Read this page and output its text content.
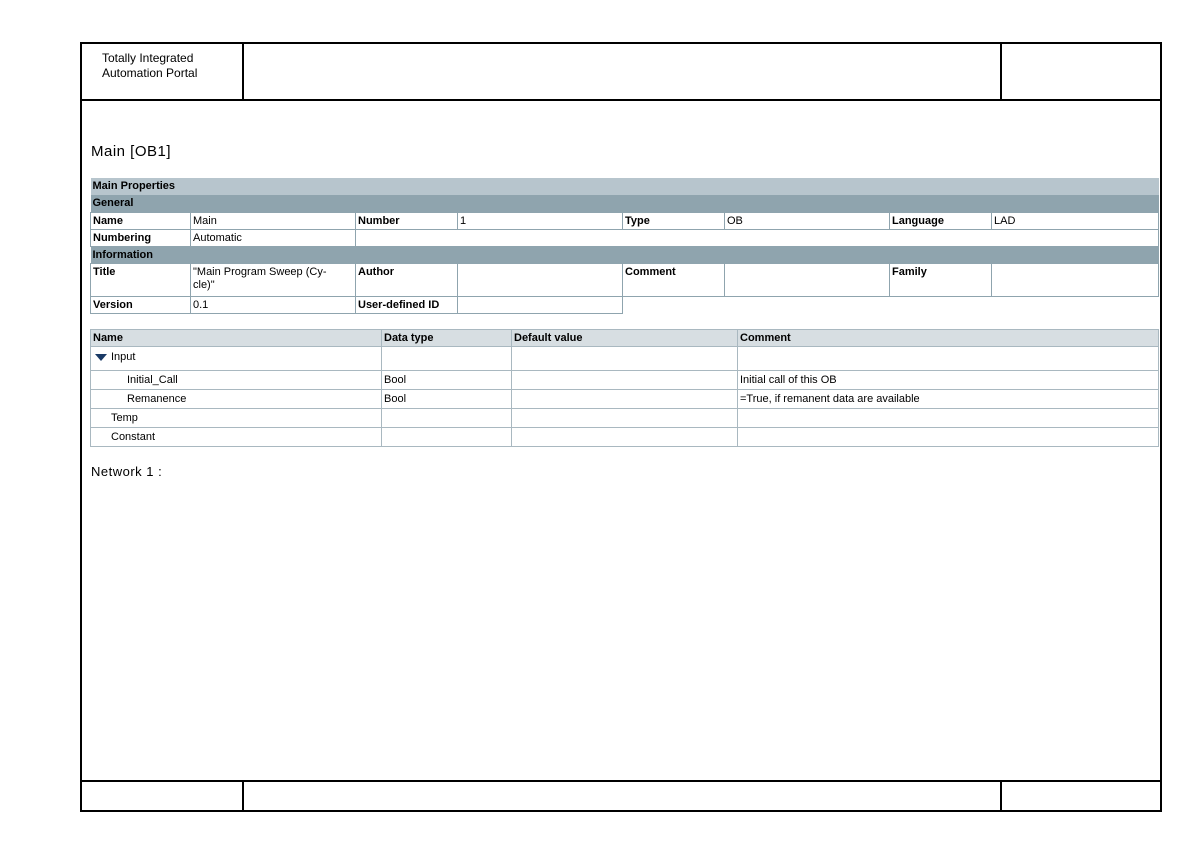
Totally Integrated
Automation Portal
Main [OB1]
Main Properties							
General							
Name	Main	Number	1	Type	OB	Language	LAD
Numbering	Automatic						
Information							
Title	"Main Program Sweep (Cy-
cle)"	Author		Comment		Family	
Version	0.1	User-defined ID					
Name	Data type	Default value	Comment
Input			
Initial_Call	Bool		Initial call of this OB
Remanence	Bool		=True, if remanent data are available
Temp			
Constant			
Network 1 :
